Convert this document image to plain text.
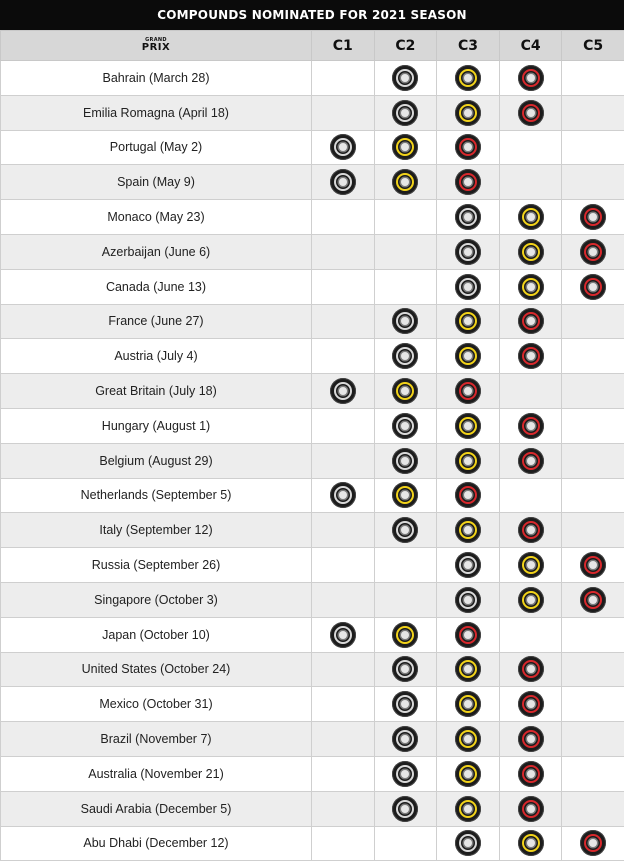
COMPOUNDS NOMINATED FOR 2021 SEASON
GRAND
PRIX	C1	C2	C3	C4	C5
Bahrain (March 28)					
Emilia Romagna (April 18)					
Portugal (May 2)					
Spain (May 9)					
Monaco (May 23)					
Azerbaijan (June 6)					
Canada (June 13)					
France (June 27)					
Austria (July 4)					
Great Britain (July 18)					
Hungary (August 1)					
Belgium (August 29)					
Netherlands (September 5)					
Italy (September 12)					
Russia (September 26)					
Singapore (October 3)					
Japan (October 10)					
United States (October 24)					
Mexico (October 31)					
Brazil (November 7)					
Australia (November 21)					
Saudi Arabia (December 5)					
Abu Dhabi (December 12)					
